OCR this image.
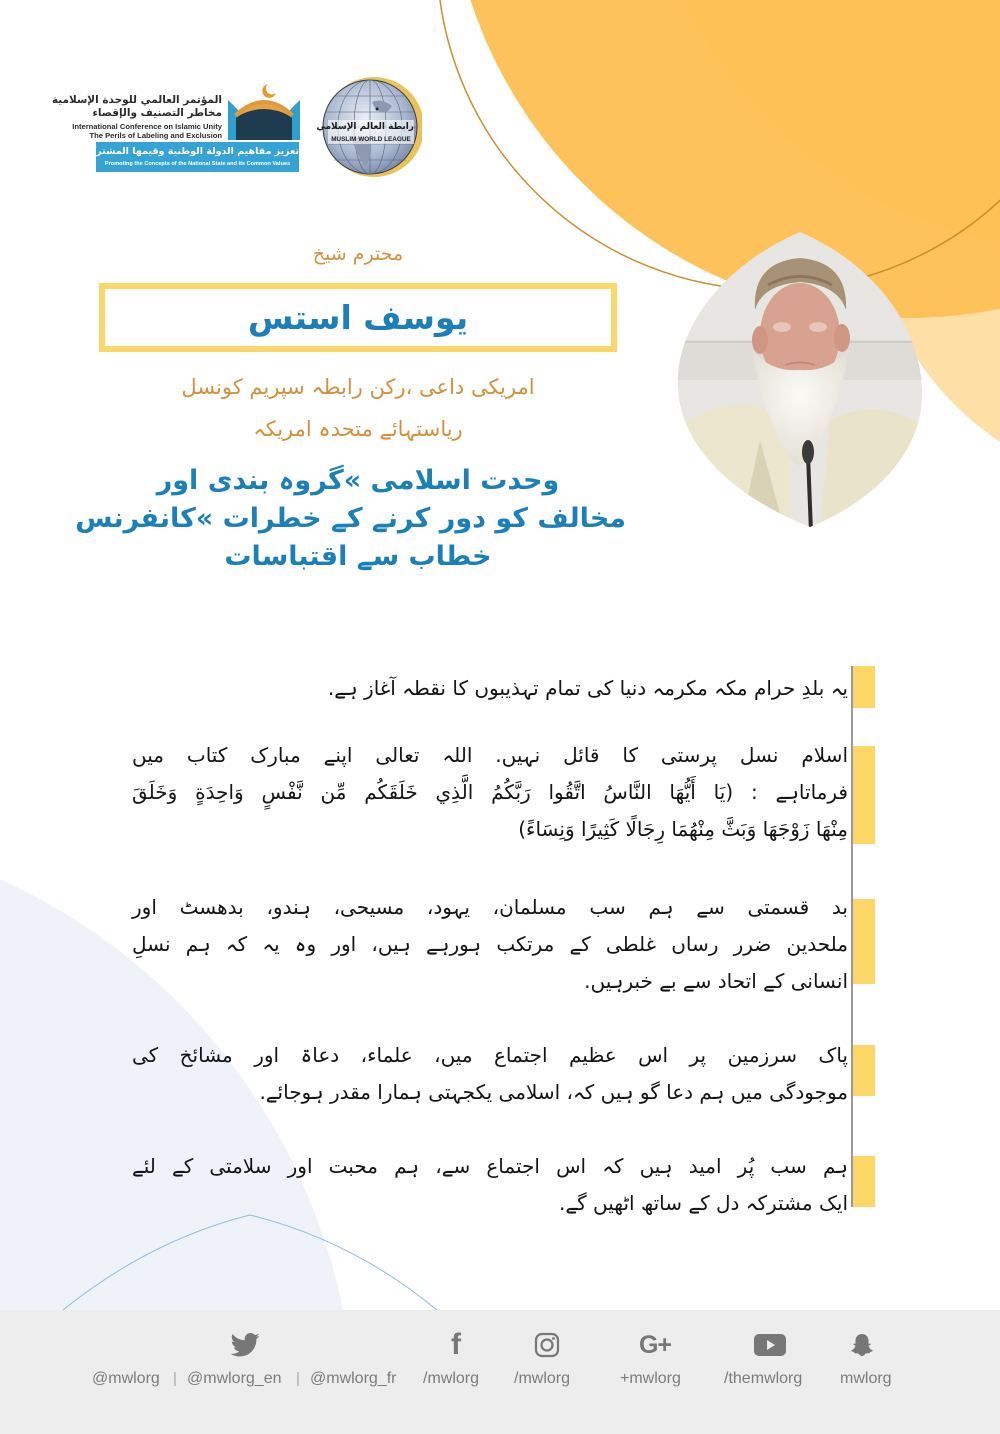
المؤتمر العالمي للوحدة الإسلامية
مخاطر التصنيف والإقصاء
International Conference on Islamic Unity
The Perils of Labeling and Exclusion
تعزيز مفاهيم الدولة الوطنية وقيمها المشتركة
Promoting the Concepts of the National State and its Common Values
رابطة العالم الإسلامي
MUSLIM WORLD LEAGUE
محترم شیخ
یوسف استس
امریکی داعی ،رکن رابطہ سپریم کونسل
ریاستہائے متحدہ امریکہ
وحدت اسلامی »گروہ بندی اور
مخالف کو دور کرنے کے خطرات »کانفرنس
خطاب سے اقتباسات
یہ بلدِ حرام مکہ مکرمہ دنیا کی تمام تہذیبوں کا نقطہ آغاز ہے.
اسلام نسل پرستی کا قائل نہیں. اللہ تعالی اپنے مبارک کتاب میں
فرماتاہے : (يَا أَيُّهَا النَّاسُ اتَّقُوا رَبَّكُمُ الَّذِي خَلَقَكُم مِّن نَّفْسٍ وَاحِدَةٍ وَخَلَقَ
مِنْهَا زَوْجَهَا وَبَثَّ مِنْهُمَا رِجَالًا كَثِيرًا وَنِسَاءً)
بد قسمتی سے ہم سب مسلمان، یہود، مسیحی، ہندو، بدھسٹ اور
ملحدین ضرر رساں غلطی کے مرتکب ہورہے ہیں، اور وہ یہ کہ ہم نسلِ
انسانی کے اتحاد سے بے خبرہیں.
پاک سرزمین پر اس عظیم اجتماع میں، علماء، دعاۃ اور مشائخ کی
موجودگی میں ہم دعا گو ہیں کہ، اسلامی یکجہتی ہمارا مقدر ہوجائے.
ہم سب پُر امید ہیں کہ اس اجتماع سے، ہم محبت اور سلامتی کے لئے
ایک مشترکہ دل کے ساتھ اٹھیں گے.
@mwlorg | @mwlorg_en | @mwlorg_fr
f
/mwlorg /mwlorg
G+
+mwlorg	/themwlorg mwlorg
